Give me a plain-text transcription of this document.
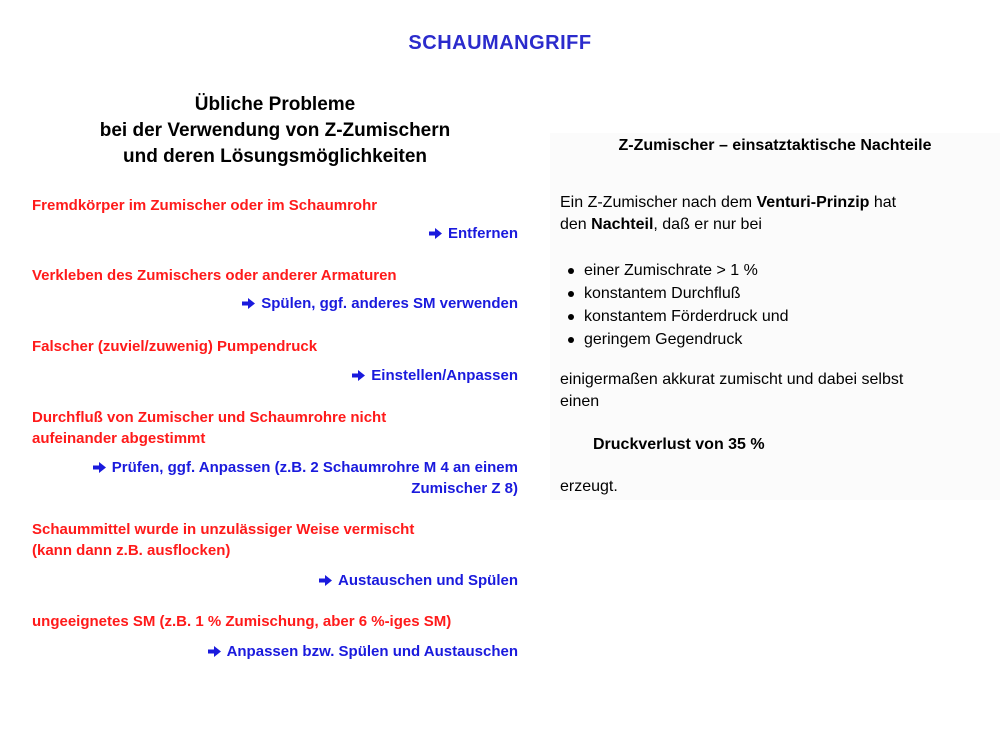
SCHAUMANGRIFF
Übliche Probleme
bei der Verwendung von Z-Zumischern
und deren Lösungsmöglichkeiten
Fremdkörper im Zumischer oder im Schaumrohr
Entfernen
Verkleben des Zumischers oder anderer Armaturen
Spülen, ggf. anderes SM verwenden
Falscher (zuviel/zuwenig) Pumpendruck
Einstellen/Anpassen
Durchfluß von Zumischer und Schaumrohre nicht
aufeinander abgestimmt
Prüfen, ggf. Anpassen (z.B. 2 Schaumrohre M 4 an einem
Zumischer Z 8)
Schaummittel wurde in unzulässiger Weise vermischt
(kann dann z.B. ausflocken)
Austauschen und Spülen
ungeeignetes SM (z.B. 1 % Zumischung, aber 6 %-iges SM)
Anpassen bzw. Spülen und Austauschen
Z-Zumischer – einsatztaktische Nachteile
Ein Z-Zumischer nach dem Venturi-Prinzip hat
den Nachteil, daß er nur bei
einer Zumischrate > 1 %
konstantem Durchfluß
konstantem Förderdruck und
geringem Gegendruck
einigermaßen akkurat zumischt und dabei selbst
einen
Druckverlust von 35 %
erzeugt.
